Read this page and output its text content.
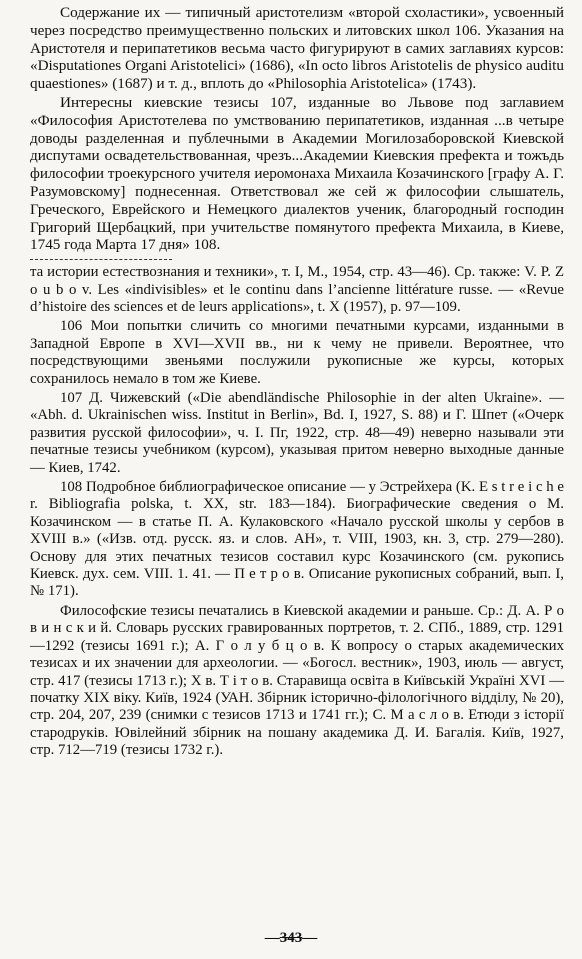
Содержание их — типичный аристотелизм «второй схоластики», усвоенный через посредство преимущественно польских и литовских школ 106. Указания на Аристотеля и перипатетиков весьма часто фигурируют в самих заглавиях курсов: «Disputationes Organi Aristotelici» (1686), «In octo libros Aristotelis de physico auditu quaestiones» (1687) и т. д., вплоть до «Philosophia Aristotelica» (1743).

Интересны киевские тезисы 107, изданные во Львове под заглавием «Философия Аристотелева по умствованию перипатетиков, изданная ...в четыре доводы разделенная и публечными в Академии Могилозаборовской Киевской диспутами освадетельствованная, чрезъ...Академии Киевския префекта и тожъдь философии троекурсного учителя иеромонаха Михаила Козачинского [графу А. Г. Разумовскому] поднесенная. Ответствовал же сей ж философии слышатель, Греческого, Еврейского и Немецкого диалектов ученик, благородный господин Григорий Щербацкий, при учительстве помянутого префекта Михаила, в Киеве, 1745 года Марта 17 дня» 108.

та истории естествознания и техники», т. I, М., 1954, стр. 43—46). Ср. также: V. P. Z o u b o v. Les «indivisibles» et le continu dans l’ancienne littérature russe. — «Revue d’histoire des sciences et de leurs applications», t. X (1957), p. 97—109.

106 Мои попытки сличить со многими печатными курсами, изданными в Западной Европе в XVI—XVII вв., ни к чему не привели. Вероятнее, что посредствующими звеньями послужили рукописные же курсы, которых сохранилось немало в том же Киеве.

107 Д. Чижевский («Die abendländische Philosophie in der alten Ukraine». — «Abh. d. Ukrainischen wiss. Institut in Berlin», Bd. I, 1927, S. 88) и Г. Шпет («Очерк развития русской философии», ч. I. Пг, 1922, стр. 48—49) неверно называли эти печатные тезисы учебником (курсом), указывая притом неверно выходные данные — Киев, 1742.

108 Подробное библиографическое описание — у Эстрейхера (K. E s t r e i c h e r. Bibliografia polska, t. XX, str. 183—184). Биографические сведения о М. Козачинском — в статье П. А. Кулаковского «Начало русской школы у сербов в XVIII в.» («Изв. отд. русск. яз. и слов. АН», т. VIII, 1903, кн. 3, стр. 279—280). Основу для этих печатных тезисов составил курс Козачинского (см. рукопись Киевск. дух. сем. VIII. 1. 41. — П е т р о в. Описание рукописных собраний, вып. I, № 171).

Философские тезисы печатались в Киевской академии и раньше. Ср.: Д. А. Р о в и н с к и й. Словарь русских гравированных портретов, т. 2. СПб., 1889, стр. 1291—1292 (тезисы 1691 г.); А. Г о л у б ц о в. К вопросу о старых академических тезисах и их значении для археологии. — «Богосл. вестник», 1903, июль — август, стр. 417 (тезисы 1713 г.); Х в. Т і т о в. Старавища освіта в Київській Україні XVI — початку XIX віку. Київ, 1924 (УАН. Збірник історично-філологічного відділу, № 20), стр. 204, 207, 239 (снимки с тезисов 1713 и 1741 гг.); С. М а с л о в. Етюди з історії стародруків. Ювілейний збірник на пошану академика Д. И. Багалія. Київ, 1927, стр. 712—719 (тезисы 1732 г.).

—343—
